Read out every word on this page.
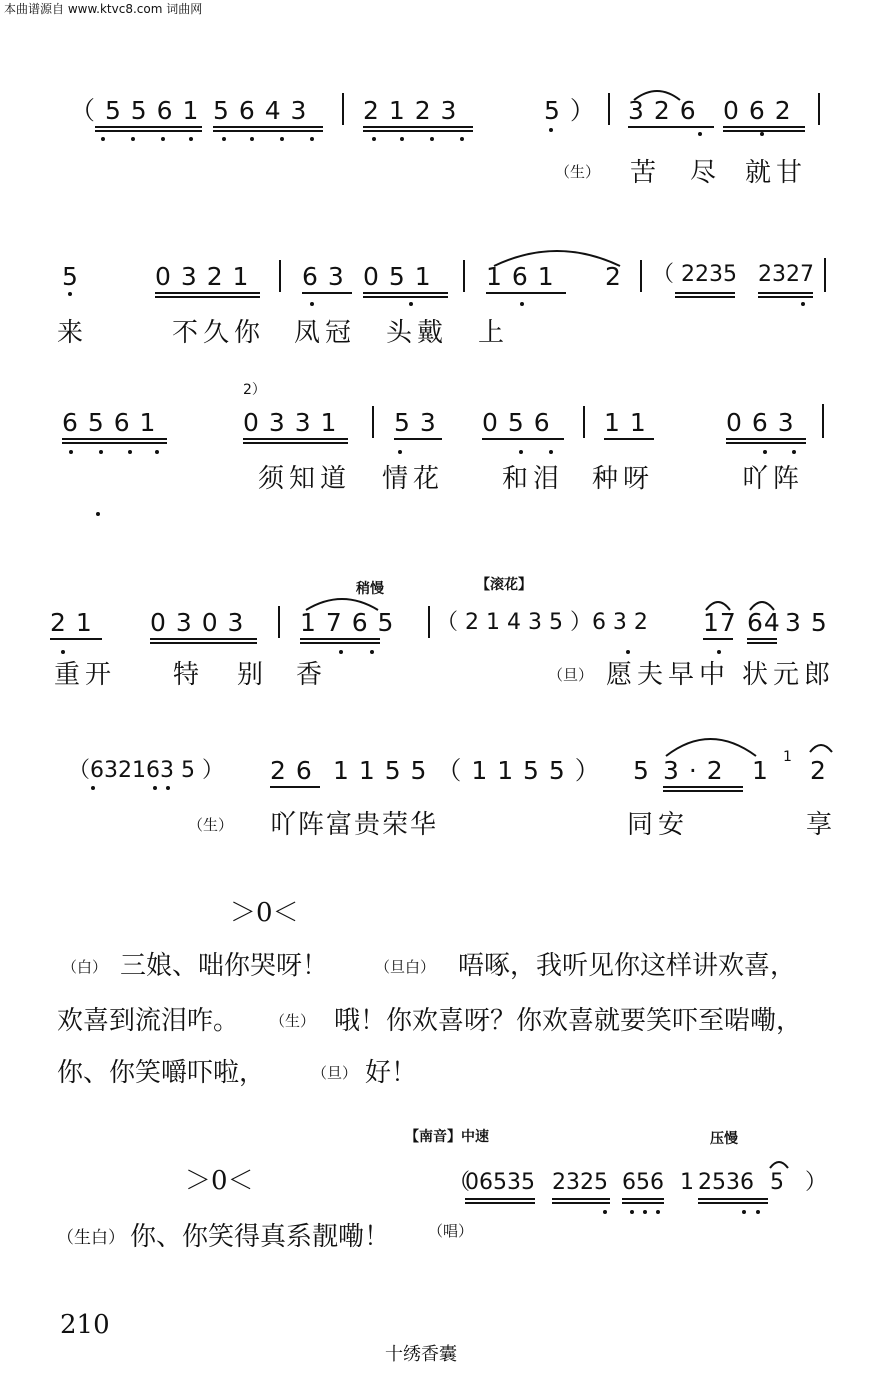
本曲谱源自 www.ktvc8.com 词曲网
（ 5 5 6 1 5 6 4 3 2 1 2 3	5 ） 3 2 6 0 6 2
（生） 苦 尽 就甘
5	0 3 2 1 6 3 0 5 1 1 6 1 2 （ 2235 2327
来	不久你 凤冠 头戴 上
2）
6 5 6 1	0 3 3 1 5 3 0 5 6 1 1	0 6 3
须知道 情花 和泪 种呀	吖阵
稍慢	【滚花】
2 1 0 3 0 3 1 7 6 5 （ 2 1 4 3 5 ）6 3 2 17 64 3 5
重开 特 别 香	（旦） 愿夫早中 状元郎
（632163 5 ） 2 6 1 1 5 5 （ 1 1 5 5 ） 5 3 · 2 1 1 2
（生） 吖阵富贵荣华	同安	享
＞0＜
（白） 三娘、咄你哭呀！	（旦白） 唔啄，我听见你这样讲欢喜，
欢喜到流泪咋。 （生） 哦！你欢喜呀？你欢喜就要笑吓至啱嘞，
你、你笑嚼吓啦，	（旦） 好！
【南音】中速	压慢
＞0＜	（
06535 2325 656 1 2536 5 ）
（生白） 你、你笑得真系靓嘞！	（唱）
210
十绣香囊
